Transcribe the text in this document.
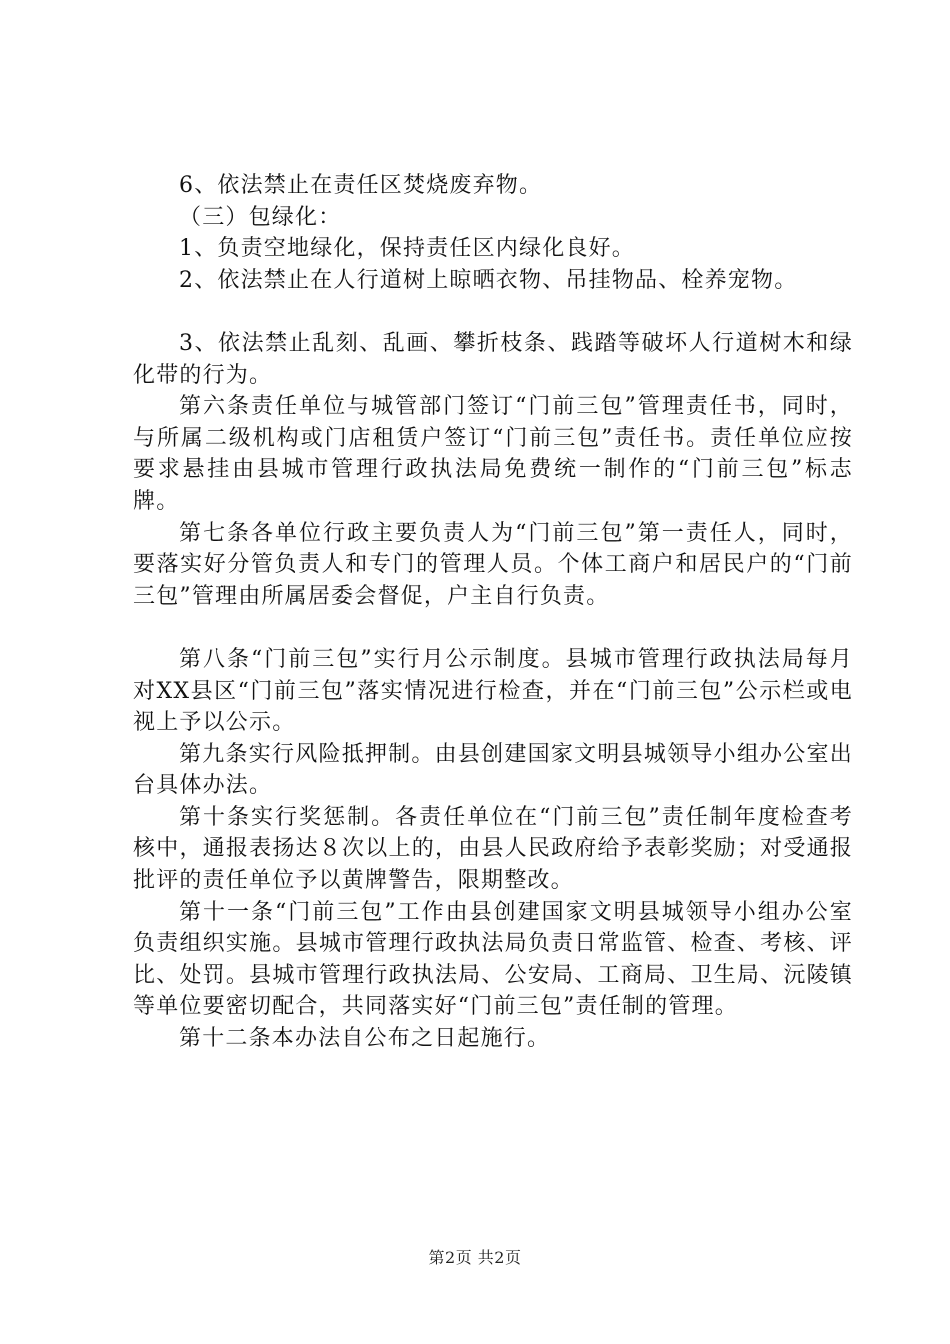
6、依法禁止在责任区焚烧废弃物。

（三）包绿化：

1、负责空地绿化，保持责任区内绿化良好。

2、依法禁止在人行道树上晾晒衣物、吊挂物品、栓养宠物。

3、依法禁止乱刻、乱画、攀折枝条、践踏等破坏人行道树木和绿化带的行为。

第六条责任单位与城管部门签订“门前三包”管理责任书，同时，与所属二级机构或门店租赁户签订“门前三包”责任书。责任单位应按要求悬挂由县城市管理行政执法局免费统一制作的“门前三包”标志牌。

第七条各单位行政主要负责人为“门前三包”第一责任人，同时，要落实好分管负责人和专门的管理人员。个体工商户和居民户的“门前三包”管理由所属居委会督促，户主自行负责。

第八条“门前三包”实行月公示制度。县城市管理行政执法局每月对XX县区“门前三包”落实情况进行检查，并在“门前三包”公示栏或电视上予以公示。

第九条实行风险抵押制。由县创建国家文明县城领导小组办公室出台具体办法。

第十条实行奖惩制。各责任单位在“门前三包”责任制年度检查考核中，通报表扬达８次以上的，由县人民政府给予表彰奖励；对受通报批评的责任单位予以黄牌警告，限期整改。

第十一条“门前三包”工作由县创建国家文明县城领导小组办公室负责组织实施。县城市管理行政执法局负责日常监管、检查、考核、评比、处罚。县城市管理行政执法局、公安局、工商局、卫生局、沅陵镇等单位要密切配合，共同落实好“门前三包”责任制的管理。

第十二条本办法自公布之日起施行。

第2页 共2页
